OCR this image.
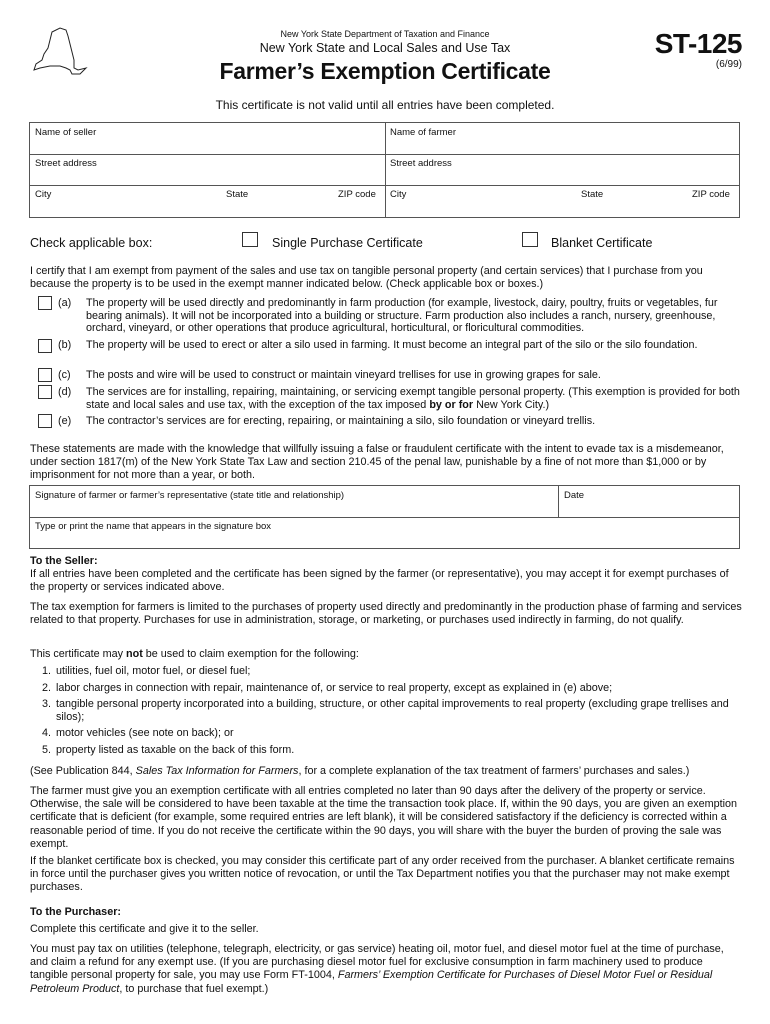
New York State Department of Taxation and Finance
New York State and Local Sales and Use Tax
Farmer’s Exemption Certificate
ST-125
(6/99)
This certificate is not valid until all entries have been completed.
Name of seller
Street address
City	State	ZIP code
Name of farmer
Street address
City	State	ZIP code
Check applicable box:	Single Purchase Certificate	Blanket Certificate
I certify that I am exempt from payment of the sales and use tax on tangible personal property (and certain services) that I purchase from you because the property is to be used in the exempt manner indicated below. (Check applicable box or boxes.)
(a)	The property will be used directly and predominantly in farm production (for example, livestock, dairy, poultry, fruits or vegetables, fur bearing animals). It will not be incorporated into a building or structure. Farm production also includes a ranch, nursery, greenhouse, orchard, vineyard, or other operations that produce agricultural, horticultural, or floricultural commodities.
(b)	The property will be used to erect or alter a silo used in farming. It must become an integral part of the silo or the silo foundation.
(c)	The posts and wire will be used to construct or maintain vineyard trellises for use in growing grapes for sale.
(d)	The services are for installing, repairing, maintaining, or servicing exempt tangible personal property. (This exemption is provided for both state and local sales and use tax, with the exception of the tax imposed by or for New York City.)
(e)	The contractor’s services are for erecting, repairing, or maintaining a silo, silo foundation or vineyard trellis.
These statements are made with the knowledge that willfully issuing a false or fraudulent certificate with the intent to evade tax is a misdemeanor, under section 1817(m) of the New York State Tax Law and section 210.45 of the penal law, punishable by a fine of not more than $1,000 or by imprisonment for not more than a year, or both.
Signature of farmer or farmer’s representative (state title and relationship)	Date
Type or print the name that appears in the signature box
To the Seller:
If all entries have been completed and the certificate has been signed by the farmer (or representative), you may accept it for exempt purchases of the property or services indicated above.
The tax exemption for farmers is limited to the purchases of property used directly and predominantly in the production phase of farming and services related to that property. Purchases for use in administration, storage, or marketing, or purchases used indirectly in farming, do not qualify.
This certificate may not be used to claim exemption for the following:
1. utilities, fuel oil, motor fuel, or diesel fuel;
2. labor charges in connection with repair, maintenance of, or service to real property, except as explained in (e) above;
3. tangible personal property incorporated into a building, structure, or other capital improvements to real property (excluding grape trellises and silos);
4. motor vehicles (see note on back); or
5. property listed as taxable on the back of this form.
(See Publication 844, Sales Tax Information for Farmers, for a complete explanation of the tax treatment of farmers’ purchases and sales.)
The farmer must give you an exemption certificate with all entries completed no later than 90 days after the delivery of the property or service. Otherwise, the sale will be considered to have been taxable at the time the transaction took place. If, within the 90 days, you are given an exemption certificate that is deficient (for example, some required entries are left blank), it will be considered satisfactory if the deficiency is corrected within a reasonable period of time. If you do not receive the certificate within the 90 days, you will share with the buyer the burden of proving the sale was exempt.
If the blanket certificate box is checked, you may consider this certificate part of any order received from the purchaser. A blanket certificate remains in force until the purchaser gives you written notice of revocation, or until the Tax Department notifies you that the purchaser may not make exempt purchases.
To the Purchaser:
Complete this certificate and give it to the seller.
You must pay tax on utilities (telephone, telegraph, electricity, or gas service) heating oil, motor fuel, and diesel motor fuel at the time of purchase, and claim a refund for any exempt use. (If you are purchasing diesel motor fuel for exclusive consumption in farm machinery used to produce tangible personal property for sale, you may use Form FT-1004, Farmers’ Exemption Certificate for Purchases of Diesel Motor Fuel or Residual Petroleum Product, to purchase that fuel exempt.)
